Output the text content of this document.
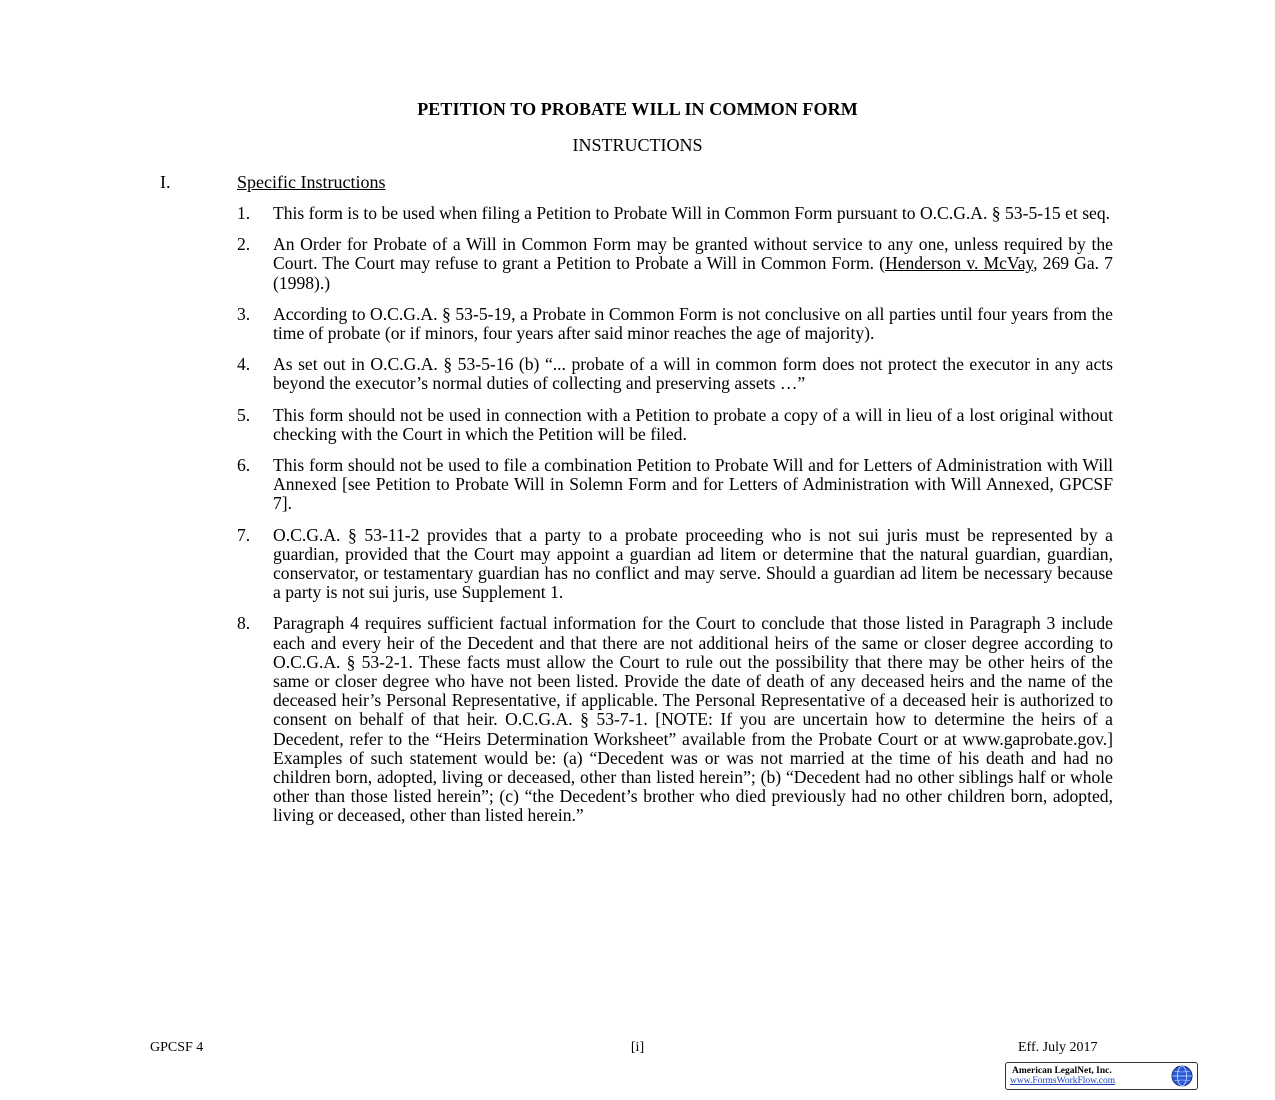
PETITION TO PROBATE WILL IN COMMON FORM
INSTRUCTIONS
I.	Specific Instructions
1.	This form is to be used when filing a Petition to Probate Will in Common Form pursuant to O.C.G.A. § 53-5-15 et seq.
2.	An Order for Probate of a Will in Common Form may be granted without service to any one, unless required by the Court. The Court may refuse to grant a Petition to Probate a Will in Common Form. (Henderson v. McVay, 269 Ga. 7 (1998).)
3.	According to O.C.G.A. § 53-5-19, a Probate in Common Form is not conclusive on all parties until four years from the time of probate (or if minors, four years after said minor reaches the age of majority).
4.	As set out in O.C.G.A. § 53-5-16 (b) “... probate of a will in common form does not protect the executor in any acts beyond the executor’s normal duties of collecting and preserving assets …”
5.	This form should not be used in connection with a Petition to probate a copy of a will in lieu of a lost original without checking with the Court in which the Petition will be filed.
6.	This form should not be used to file a combination Petition to Probate Will and for Letters of Administration with Will Annexed [see Petition to Probate Will in Solemn Form and for Letters of Administration with Will Annexed, GPCSF 7].
7.	O.C.G.A. § 53-11-2 provides that a party to a probate proceeding who is not sui juris must be represented by a guardian, provided that the Court may appoint a guardian ad litem or determine that the natural guardian, guardian, conservator, or testamentary guardian has no conflict and may serve. Should a guardian ad litem be necessary because a party is not sui juris, use Supplement 1.
8.	Paragraph 4 requires sufficient factual information for the Court to conclude that those listed in Paragraph 3 include each and every heir of the Decedent and that there are not additional heirs of the same or closer degree according to O.C.G.A. § 53-2-1. These facts must allow the Court to rule out the possibility that there may be other heirs of the same or closer degree who have not been listed. Provide the date of death of any deceased heirs and the name of the deceased heir’s Personal Representative, if applicable. The Personal Representative of a deceased heir is authorized to consent on behalf of that heir. O.C.G.A. § 53-7-1. [NOTE: If you are uncertain how to determine the heirs of a Decedent, refer to the “Heirs Determination Worksheet” available from the Probate Court or at www.gaprobate.gov.] Examples of such statement would be: (a) “Decedent was or was not married at the time of his death and had no children born, adopted, living or deceased, other than listed herein”; (b) “Decedent had no other siblings half or whole other than those listed herein”; (c) “the Decedent’s brother who died previously had no other children born, adopted, living or deceased, other than listed herein.”
GPCSF 4	[i]	Eff. July 2017
American LegalNet, Inc.
www.FormsWorkFlow.com
